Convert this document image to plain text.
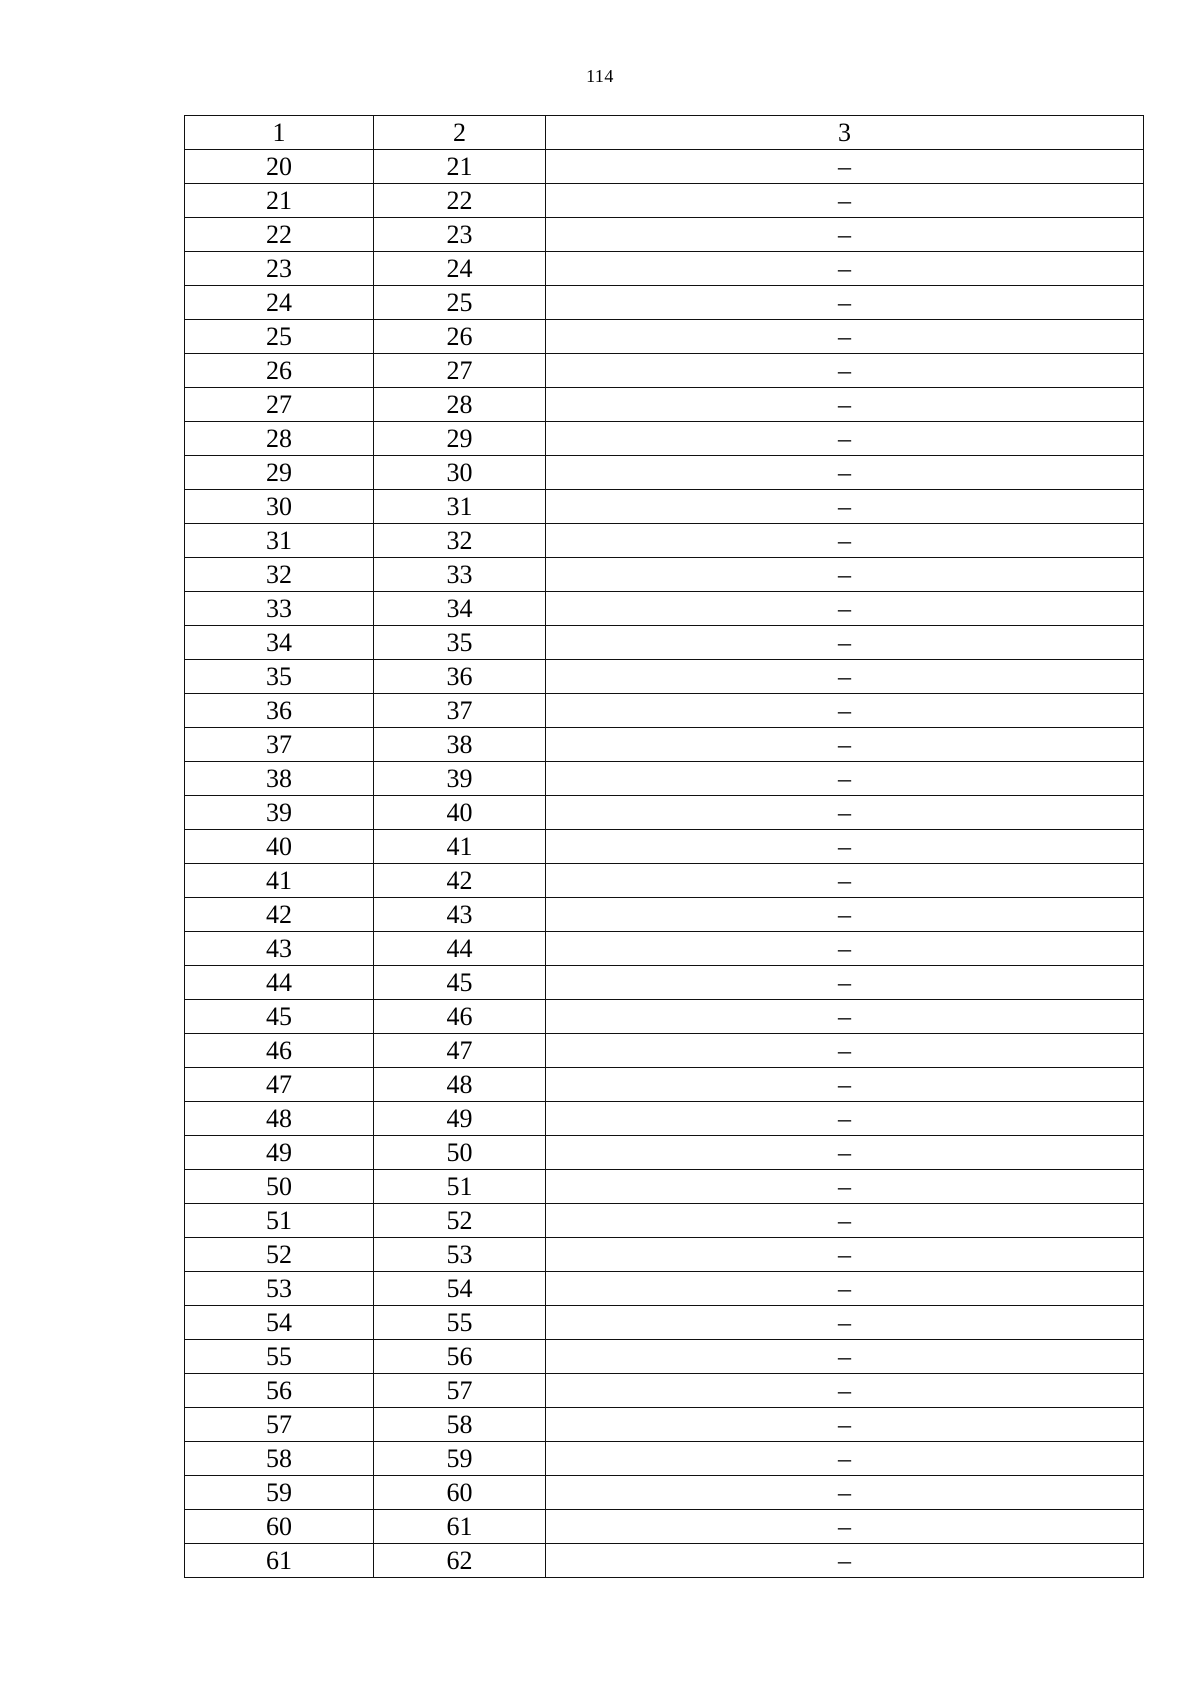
114
1	2	3
20	21	–
21	22	–
22	23	–
23	24	–
24	25	–
25	26	–
26	27	–
27	28	–
28	29	–
29	30	–
30	31	–
31	32	–
32	33	–
33	34	–
34	35	–
35	36	–
36	37	–
37	38	–
38	39	–
39	40	–
40	41	–
41	42	–
42	43	–
43	44	–
44	45	–
45	46	–
46	47	–
47	48	–
48	49	–
49	50	–
50	51	–
51	52	–
52	53	–
53	54	–
54	55	–
55	56	–
56	57	–
57	58	–
58	59	–
59	60	–
60	61	–
61	62	–
